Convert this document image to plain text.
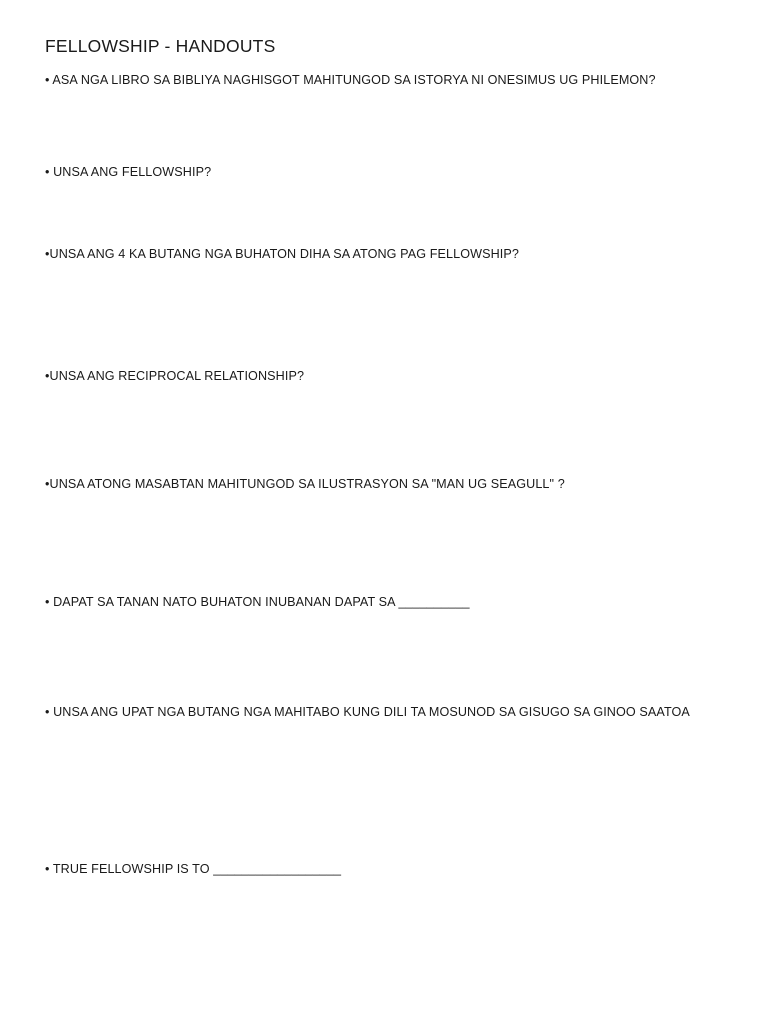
FELLOWSHIP - HANDOUTS
• ASA NGA LIBRO SA BIBLIYA NAGHISGOT MAHITUNGOD SA ISTORYA NI ONESIMUS UG PHILEMON?
• UNSA ANG FELLOWSHIP?
•UNSA ANG 4 KA BUTANG NGA BUHATON DIHA SA ATONG PAG FELLOWSHIP?
•UNSA ANG RECIPROCAL RELATIONSHIP?
•UNSA ATONG MASABTAN MAHITUNGOD SA ILUSTRASYON SA "MAN UG SEAGULL" ?
• DAPAT SA TANAN NATO BUHATON INUBANAN DAPAT SA __________
• UNSA ANG UPAT NGA BUTANG NGA MAHITABO KUNG DILI TA MOSUNOD SA GISUGO SA GINOO SAATOA
• TRUE FELLOWSHIP IS TO __________________
